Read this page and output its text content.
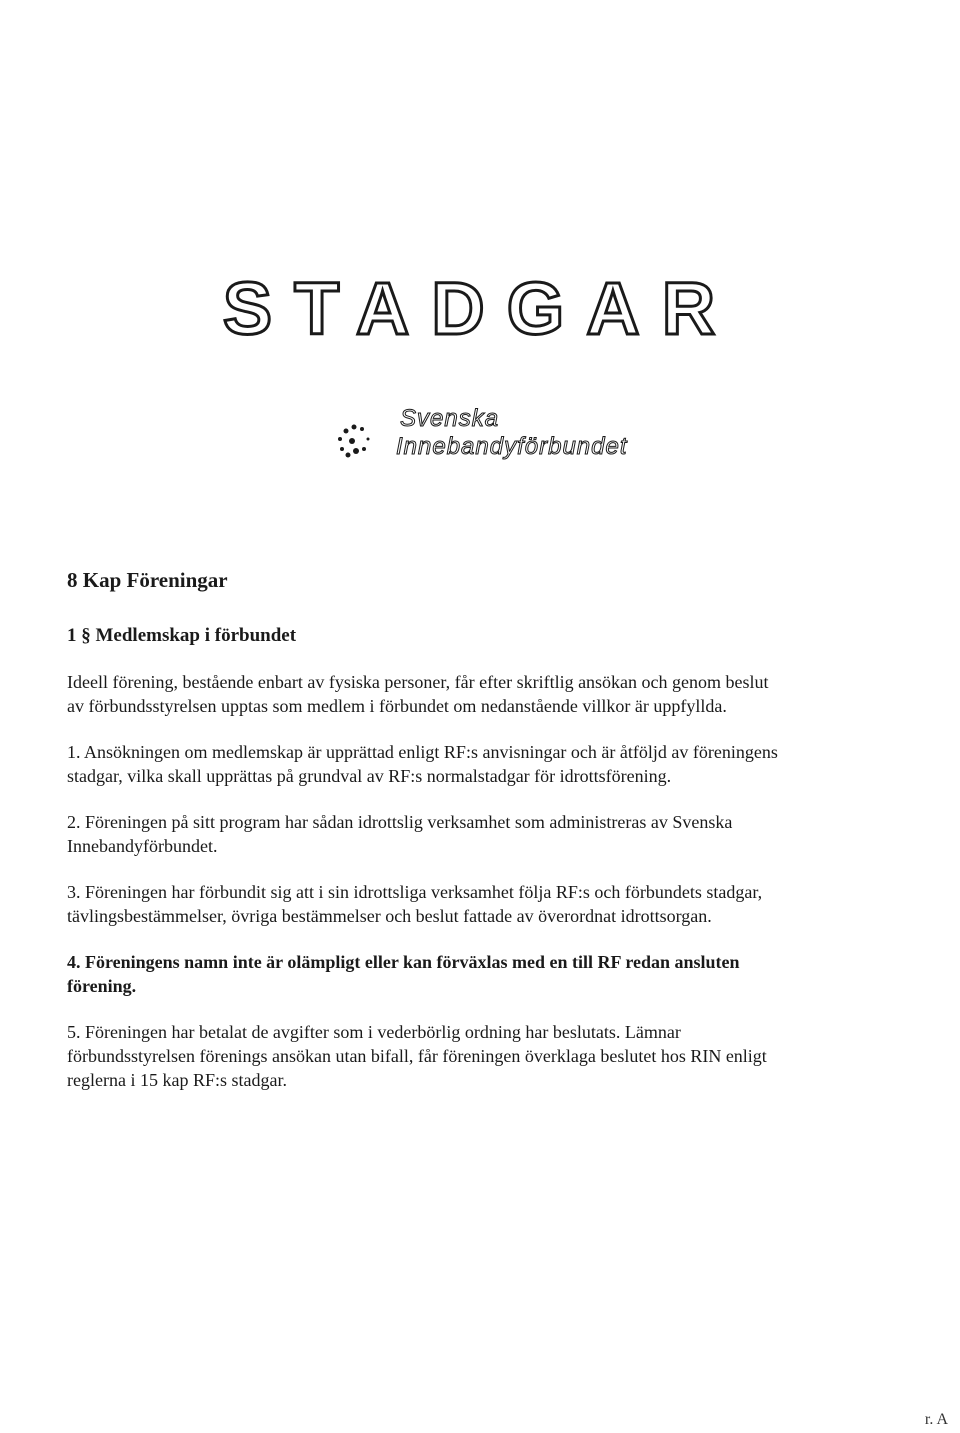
STADGAR
Svenska
Innebandyförbundet
8 Kap Föreningar
1 § Medlemskap i förbundet

Ideell förening, bestående enbart av fysiska personer, får efter skriftlig ansökan och genom beslut av förbundsstyrelsen upptas som medlem i förbundet om nedanstående villkor är uppfyllda.

1. Ansökningen om medlemskap är upprättad enligt RF:s anvisningar och är åtföljd av föreningens stadgar, vilka skall upprättas på grundval av RF:s normalstadgar för idrottsförening.

2. Föreningen på sitt program har sådan idrottslig verksamhet som administreras av Svenska Innebandyförbundet.

3. Föreningen har förbundit sig att i sin idrottsliga verksamhet följa RF:s och förbundets stadgar, tävlingsbestämmelser, övriga bestämmelser och beslut fattade av överordnat idrottsorgan.

4. Föreningens namn inte är olämpligt eller kan förväxlas med en till RF redan ansluten förening.

5. Föreningen har betalat de avgifter som i vederbörlig ordning har beslutats. Lämnar förbundsstyrelsen förenings ansökan utan bifall, får föreningen överklaga beslutet hos RIN enligt reglerna i 15 kap RF:s stadgar.

r. A
